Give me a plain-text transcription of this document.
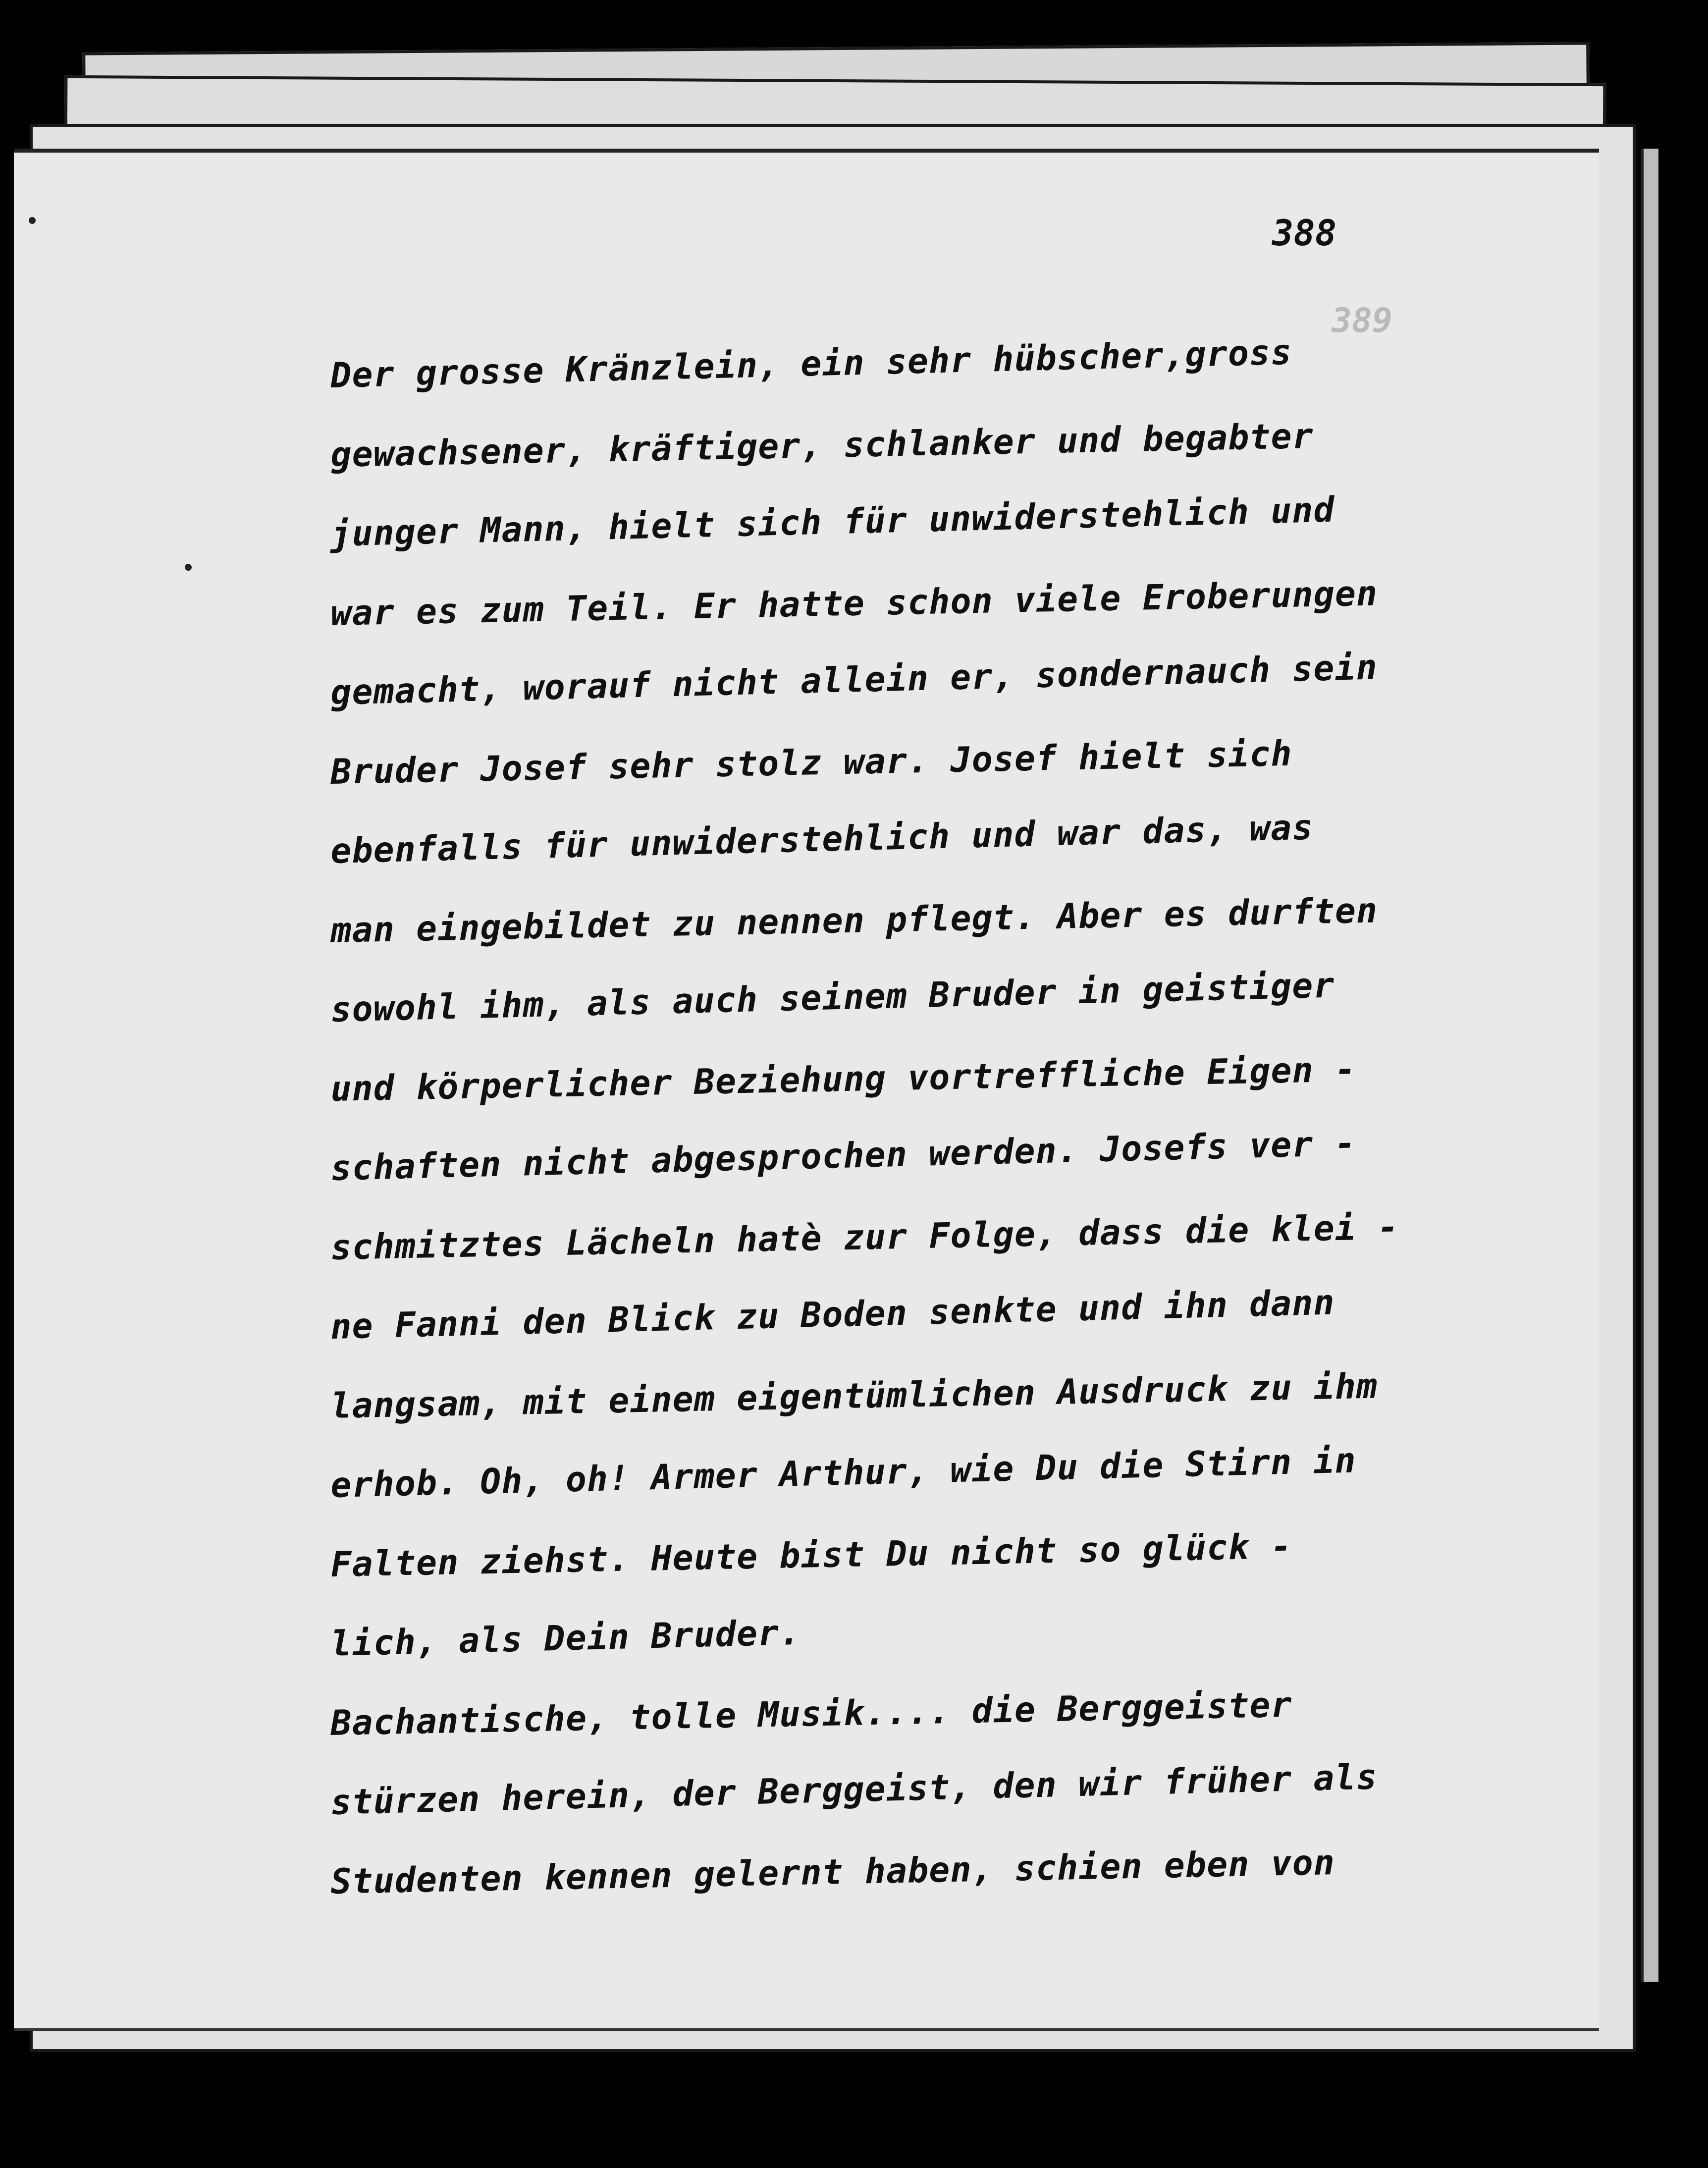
389
388
Der grosse Kränzlein, ein sehr hübscher,gross
gewachsener, kräftiger, schlanker und begabter
junger Mann, hielt sich für unwiderstehlich und
war es zum Teil. Er hatte schon viele Eroberungen
gemacht, worauf nicht allein er, sondernauch sein
Bruder Josef sehr stolz war. Josef hielt sich
ebenfalls für unwiderstehlich und war das, was
man eingebildet zu nennen pflegt. Aber es durften
sowohl ihm, als auch seinem Bruder in geistiger
und körperlicher Beziehung vortreffliche Eigen -
schaften nicht abgesprochen werden. Josefs ver -
schmitztes Lächeln hatè zur Folge, dass die klei -
ne Fanni den Blick zu Boden senkte und ihn dann
langsam, mit einem eigentümlichen Ausdruck zu ihm
erhob. Oh, oh! Armer Arthur, wie Du die Stirn in
Falten ziehst. Heute bist Du nicht so glück -
lich, als Dein Bruder.
Bachantische, tolle Musik.... die Berggeister
stürzen herein, der Berggeist, den wir früher als
Studenten kennen gelernt haben, schien eben von
